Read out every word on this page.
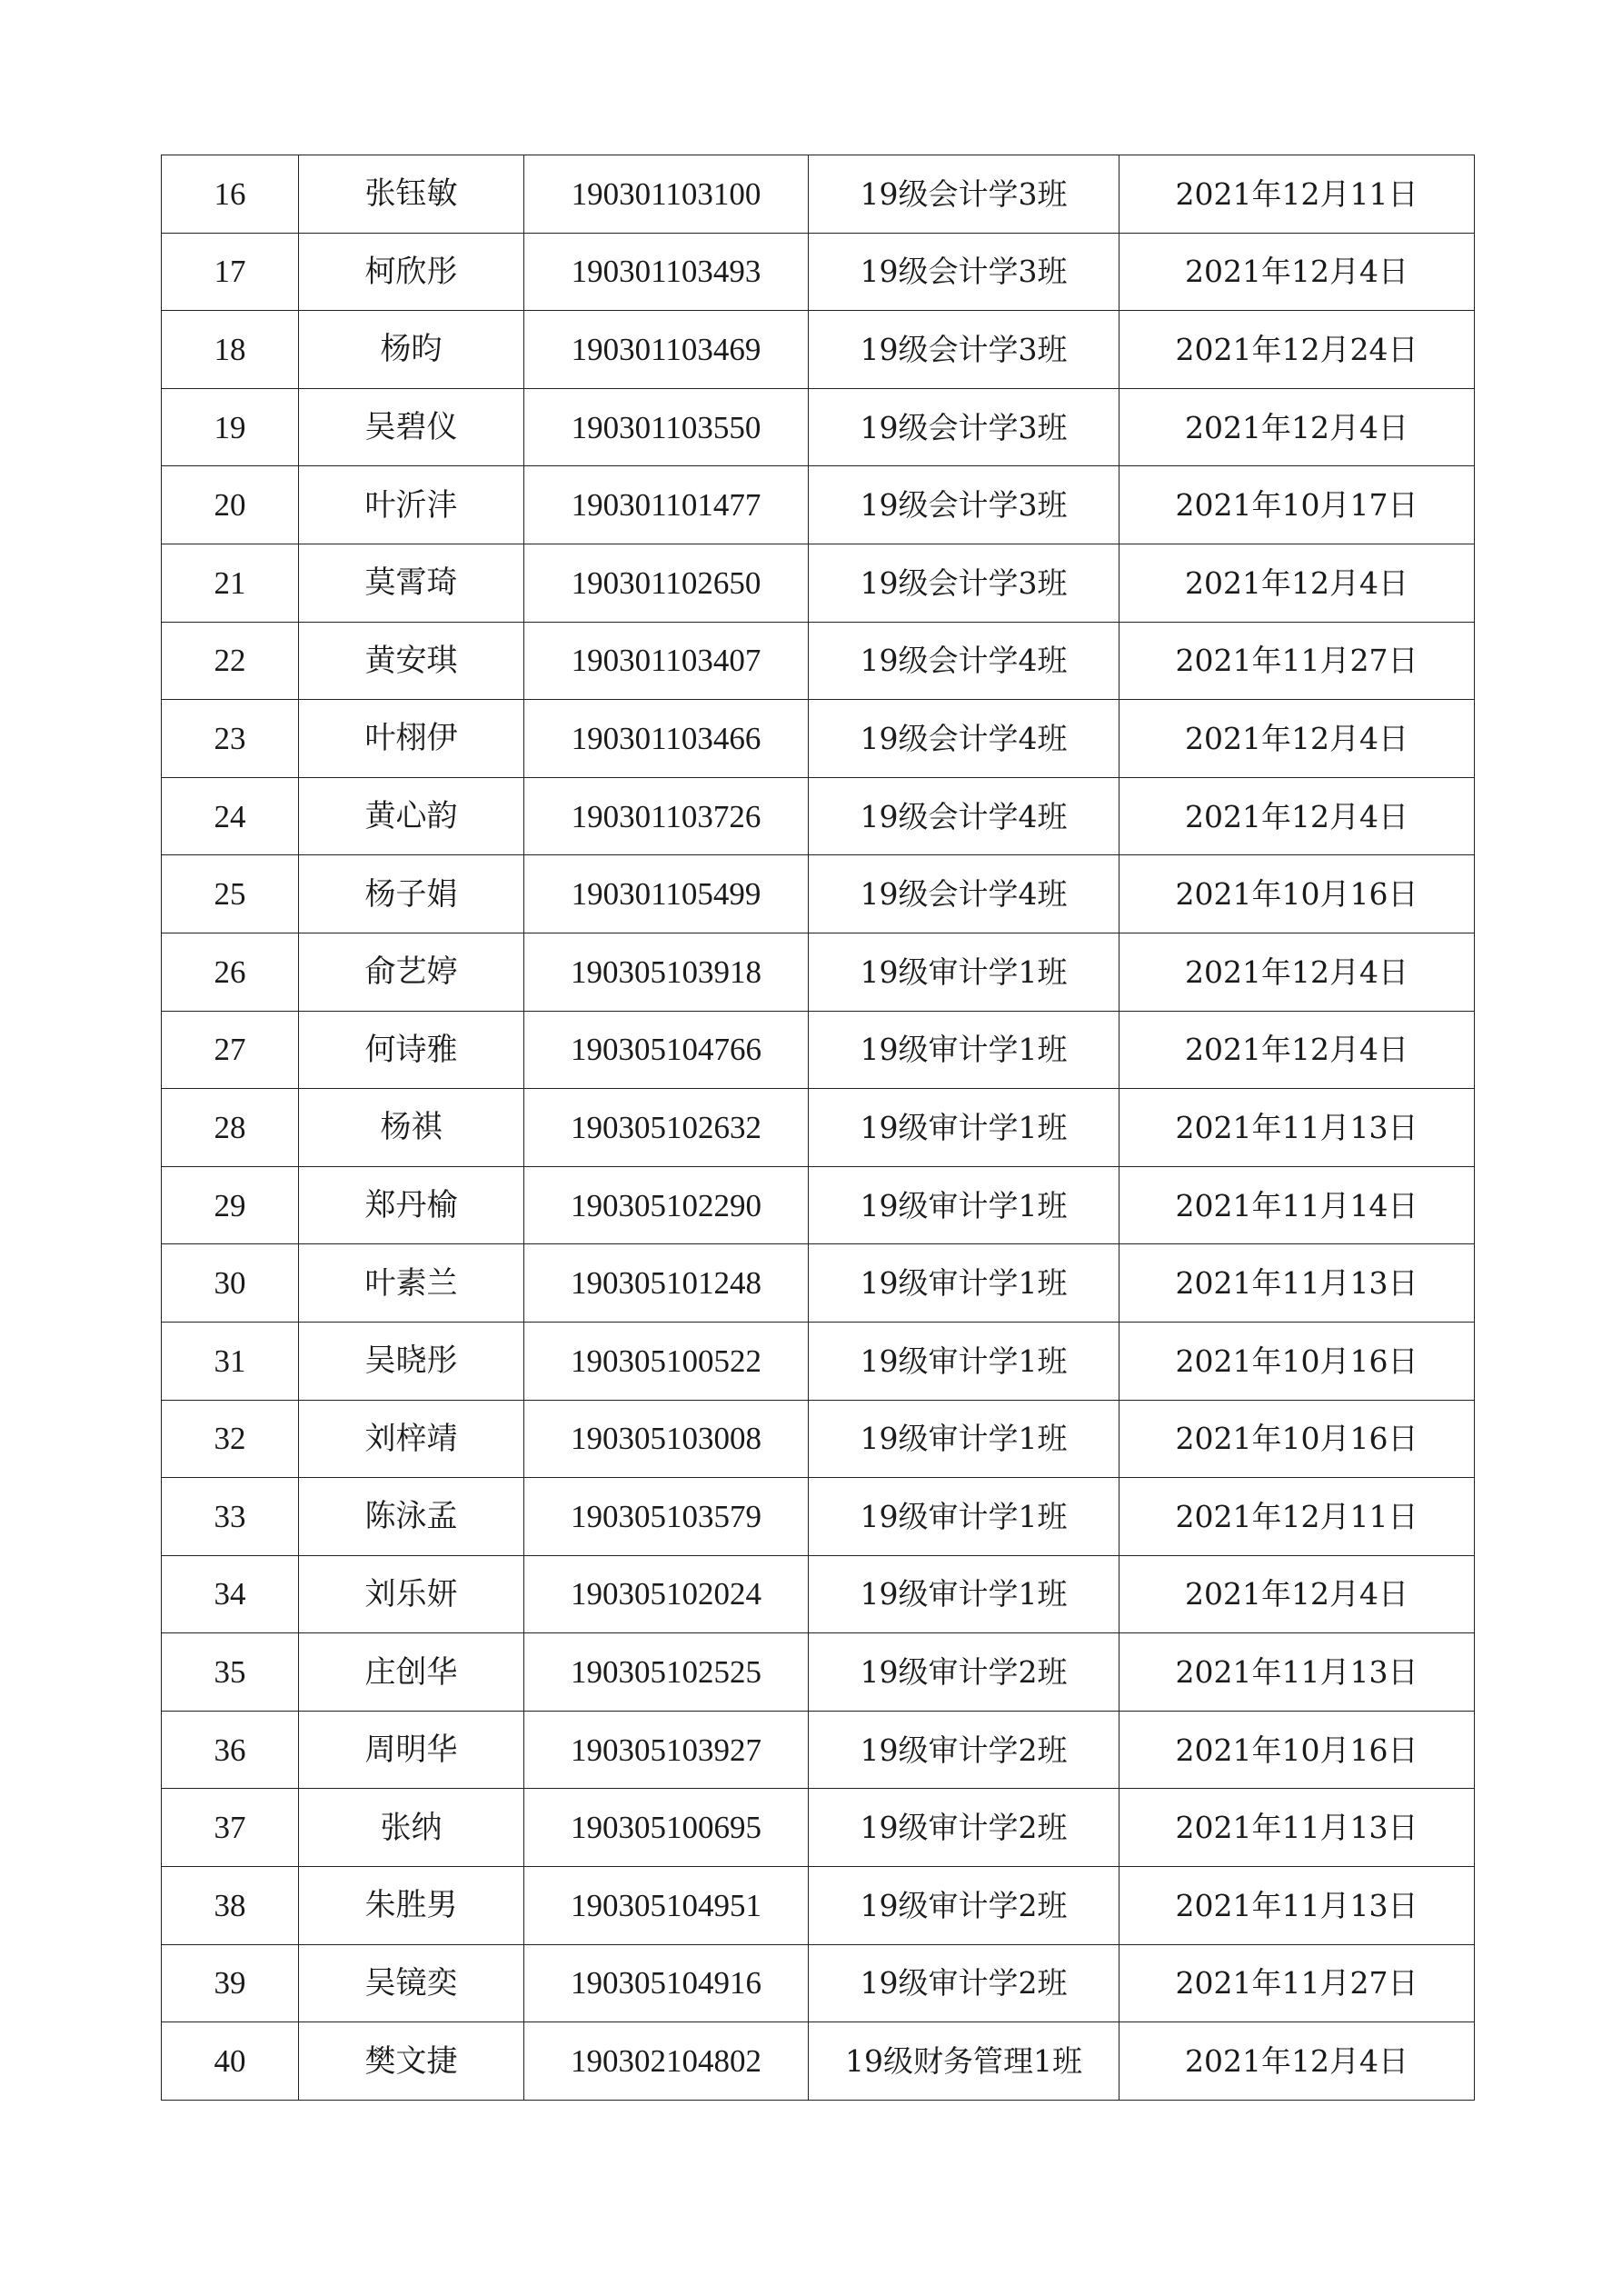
16	张钰敏	190301103100	19级会计学3班	2021年12月11日
17	柯欣彤	190301103493	19级会计学3班	2021年12月4日
18	杨昀	190301103469	19级会计学3班	2021年12月24日
19	吴碧仪	190301103550	19级会计学3班	2021年12月4日
20	叶沂沣	190301101477	19级会计学3班	2021年10月17日
21	莫霄琦	190301102650	19级会计学3班	2021年12月4日
22	黄安琪	190301103407	19级会计学4班	2021年11月27日
23	叶栩伊	190301103466	19级会计学4班	2021年12月4日
24	黄心韵	190301103726	19级会计学4班	2021年12月4日
25	杨子娟	190301105499	19级会计学4班	2021年10月16日
26	俞艺婷	190305103918	19级审计学1班	2021年12月4日
27	何诗雅	190305104766	19级审计学1班	2021年12月4日
28	杨祺	190305102632	19级审计学1班	2021年11月13日
29	郑丹榆	190305102290	19级审计学1班	2021年11月14日
30	叶素兰	190305101248	19级审计学1班	2021年11月13日
31	吴晓彤	190305100522	19级审计学1班	2021年10月16日
32	刘梓靖	190305103008	19级审计学1班	2021年10月16日
33	陈泳孟	190305103579	19级审计学1班	2021年12月11日
34	刘乐妍	190305102024	19级审计学1班	2021年12月4日
35	庄创华	190305102525	19级审计学2班	2021年11月13日
36	周明华	190305103927	19级审计学2班	2021年10月16日
37	张纳	190305100695	19级审计学2班	2021年11月13日
38	朱胜男	190305104951	19级审计学2班	2021年11月13日
39	吴镜奕	190305104916	19级审计学2班	2021年11月27日
40	樊文捷	190302104802	19级财务管理1班	2021年12月4日
